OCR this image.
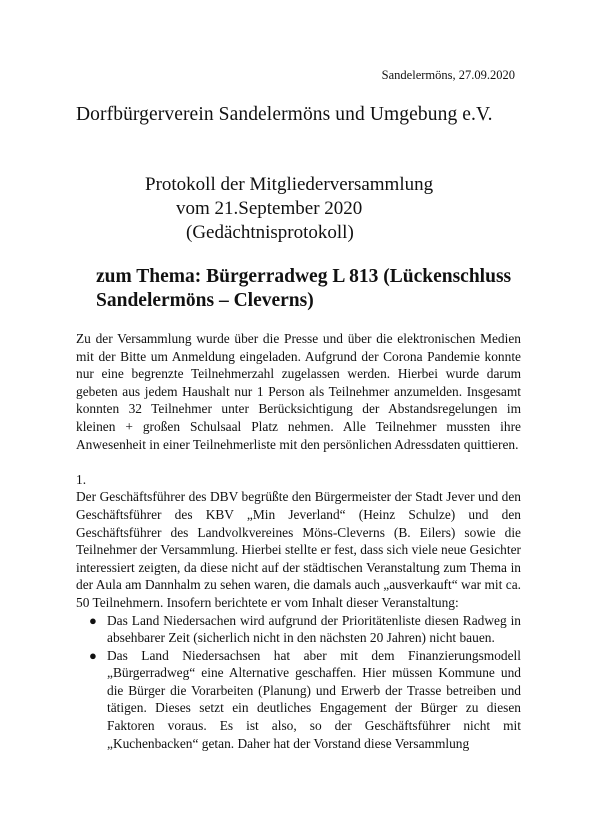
Sandelermöns, 27.09.2020
Dorfbürgerverein Sandelermöns und Umgebung e.V.
Protokoll der Mitgliederversammlung
vom 21.September 2020
(Gedächtnisprotokoll)
zum Thema: Bürgerradweg L 813 (Lückenschluss
Sandelermöns – Cleverns)

Zu der Versammlung wurde über die Presse und über die elektronischen Medien mit der Bitte um Anmeldung eingeladen. Aufgrund der Corona Pandemie konnte nur eine begrenzte Teilnehmerzahl zugelassen werden. Hierbei wurde darum gebeten aus jedem Haushalt nur 1 Person als Teilnehmer anzumelden. Insgesamt konnten 32 Teilnehmer unter Berücksichtigung der Abstandsregelungen im kleinen + großen Schulsaal Platz nehmen. Alle Teilnehmer mussten ihre Anwesenheit in einer Teilnehmerliste mit den persönlichen Adressdaten quittieren.

1.

Der Geschäftsführer des DBV begrüßte den Bürgermeister der Stadt Jever und den Geschäftsführer des KBV „Min Jeverland“ (Heinz Schulze) und den Geschäftsführer des Landvolkvereines Möns-Cleverns (B. Eilers) sowie die Teilnehmer der Versammlung. Hierbei stellte er fest, dass sich viele neue Gesichter interessiert zeigten, da diese nicht auf der städtischen Veranstaltung zum Thema in der Aula am Dannhalm zu sehen waren, die damals auch „ausverkauft“ war mit ca. 50 Teilnehmern. Insofern berichtete er vom Inhalt dieser Veranstaltung:

● Das Land Niedersachen wird aufgrund der Prioritätenliste diesen Radweg in absehbarer Zeit (sicherlich nicht in den nächsten 20 Jahren) nicht bauen.
● Das Land Niedersachsen hat aber mit dem Finanzierungsmodell „Bürgerradweg“ eine Alternative geschaffen. Hier müssen Kommune und die Bürger die Vorarbeiten (Planung) und Erwerb der Trasse betreiben und tätigen. Dieses setzt ein deutliches Engagement der Bürger zu diesen Faktoren voraus. Es ist also, so der Geschäftsführer nicht mit „Kuchenbacken“ getan. Daher hat der Vorstand diese Versammlung
